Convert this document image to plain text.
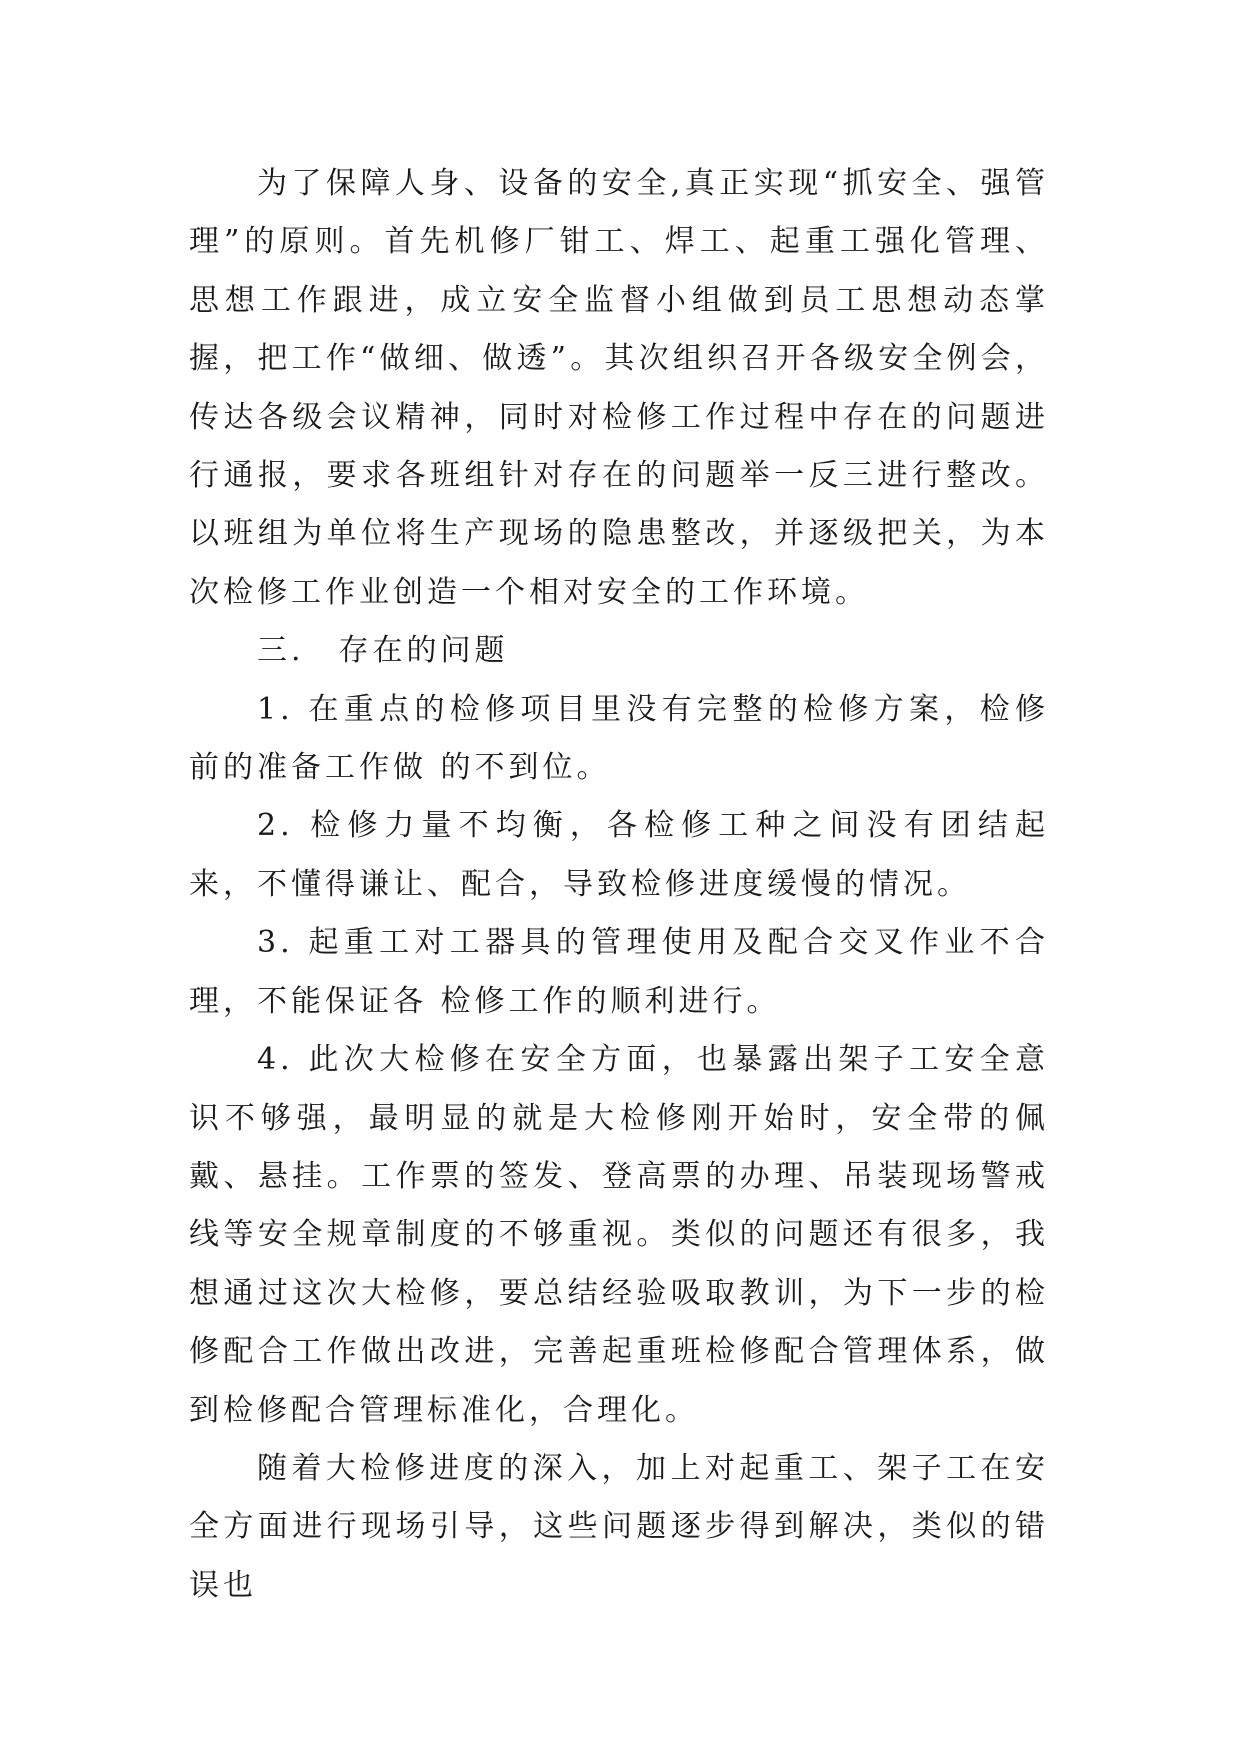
为了保障人身、设备的安全,真正实现“抓安全、强管理”的原则。首先机修厂钳工、焊工、起重工强化管理、思想工作跟进，成立安全监督小组做到员工思想动态掌握，把工作“做细、做透”。其次组织召开各级安全例会，传达各级会议精神，同时对检修工作过程中存在的问题进行通报，要求各班组针对存在的问题举一反三进行整改。以班组为单位将生产现场的隐患整改，并逐级把关，为本次检修工作业创造一个相对安全的工作环境。

三.　存在的问题

1. 在重点的检修项目里没有完整的检修方案，检修前的准备工作做 的不到位。

2. 检修力量不均衡，各检修工种之间没有团结起来，不懂得谦让、配合，导致检修进度缓慢的情况。

3. 起重工对工器具的管理使用及配合交叉作业不合理，不能保证各 检修工作的顺利进行。

4. 此次大检修在安全方面，也暴露出架子工安全意识不够强，最明显的就是大检修刚开始时，安全带的佩戴、悬挂。工作票的签发、登高票的办理、吊装现场警戒线等安全规章制度的不够重视。类似的问题还有很多，我想通过这次大检修，要总结经验吸取教训，为下一步的检修配合工作做出改进，完善起重班检修配合管理体系，做到检修配合管理标准化，合理化。

随着大检修进度的深入，加上对起重工、架子工在安全方面进行现场引导，这些问题逐步得到解决，类似的错误也
